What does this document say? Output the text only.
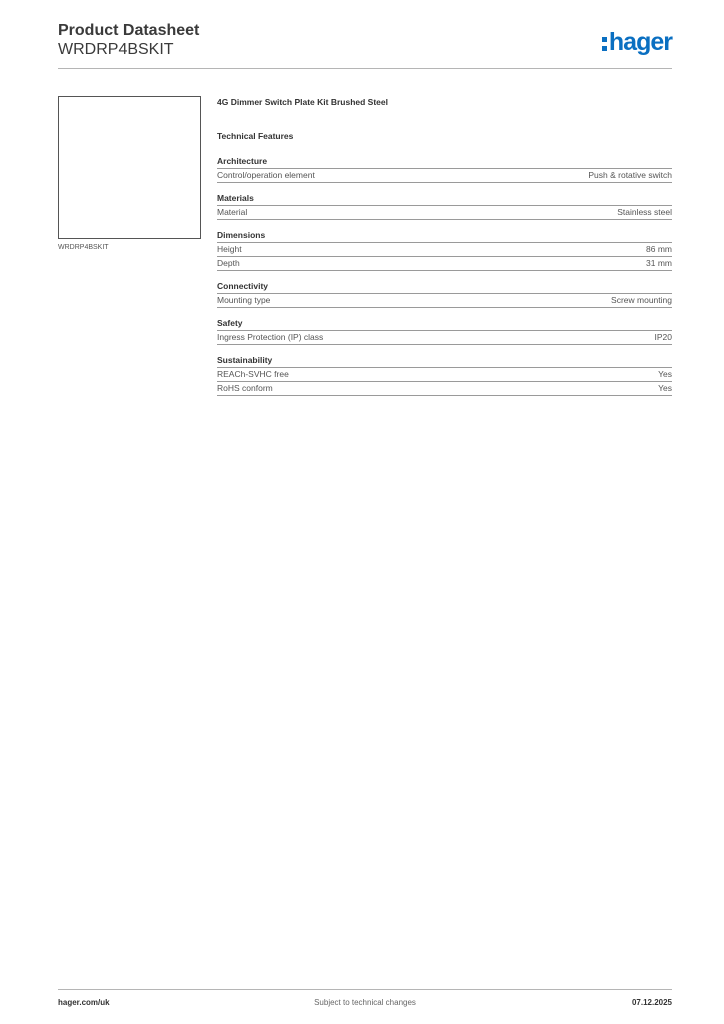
Product Datasheet
WRDRP4BSKIT	hager
WRDRP4BSKIT
4G Dimmer Switch Plate Kit Brushed Steel
Technical Features
Architecture
Control/operation element	Push & rotative switch
Materials
Material	Stainless steel
Dimensions
Height	86 mm
Depth	31 mm
Connectivity
Mounting type	Screw mounting
Safety
Ingress Protection (IP) class	IP20
Sustainability
REACh-SVHC free	Yes
RoHS conform	Yes
hager.com/uk	Subject to technical changes	07.12.2025
